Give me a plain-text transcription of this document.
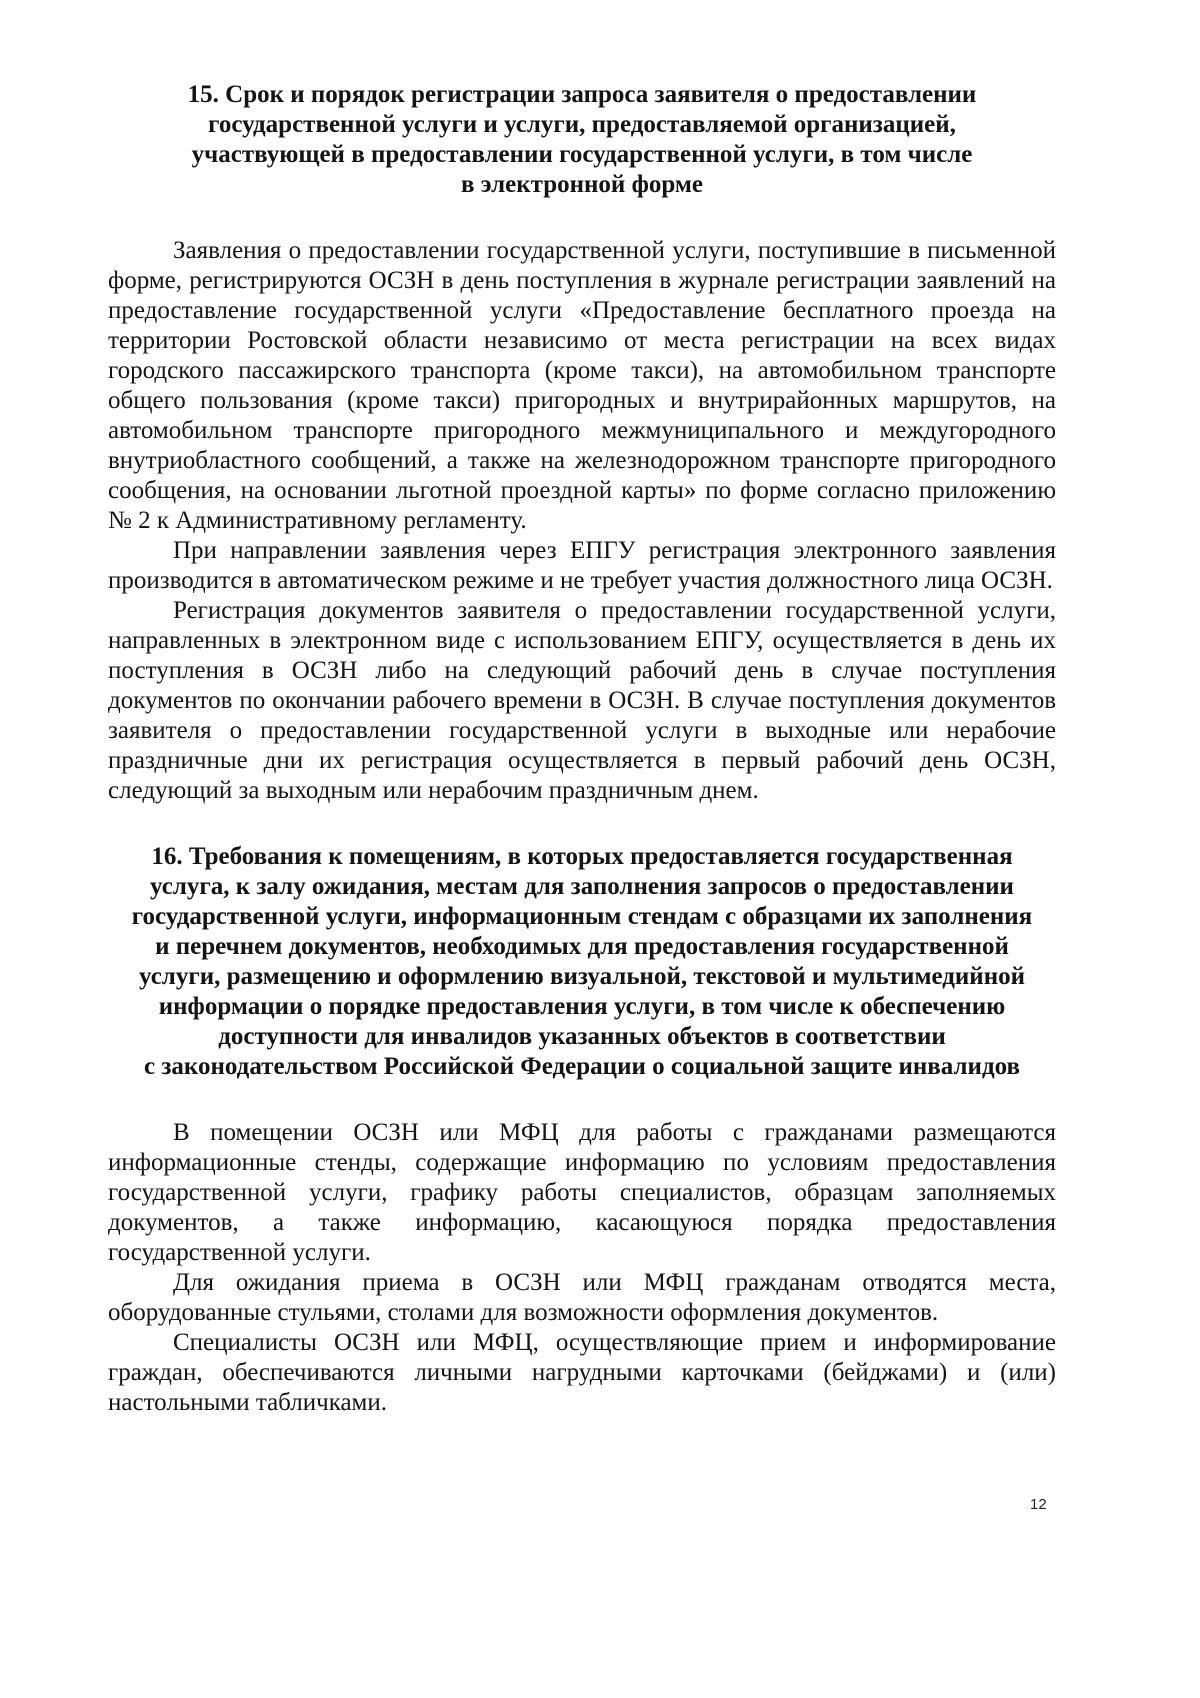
15. Срок и порядок регистрации запроса заявителя о предоставлении
государственной услуги и услуги, предоставляемой организацией,
участвующей в предоставлении государственной услуги, в том числе
в электронной форме

Заявления о предоставлении государственной услуги, поступившие в письменной форме, регистрируются ОСЗН в день поступления в журнале регистрации заявлений на предоставление государственной услуги «Предоставление бесплатного проезда на территории Ростовской области независимо от места регистрации на всех видах городского пассажирского транспорта (кроме такси), на автомобильном транспорте общего пользования (кроме такси) пригородных и внутрирайонных маршрутов, на автомобильном транспорте пригородного межмуниципального и междугородного внутриобластного сообщений, а также на железнодорожном транспорте пригородного сообщения, на основании льготной проездной карты» по форме согласно приложению № 2 к Административному регламенту.

При направлении заявления через ЕПГУ регистрация электронного заявления производится в автоматическом режиме и не требует участия должностного лица ОСЗН.

Регистрация документов заявителя о предоставлении государственной услуги, направленных в электронном виде с использованием ЕПГУ, осуществляется в день их поступления в ОСЗН либо на следующий рабочий день в случае поступления документов по окончании рабочего времени в ОСЗН. В случае поступления документов заявителя о предоставлении государственной услуги в выходные или нерабочие праздничные дни их регистрация осуществляется в первый рабочий день ОСЗН, следующий за выходным или нерабочим праздничным днем.

16. Требования к помещениям, в которых предоставляется государственная
услуга, к залу ожидания, местам для заполнения запросов о предоставлении
государственной услуги, информационным стендам с образцами их заполнения
и перечнем документов, необходимых для предоставления государственной
услуги, размещению и оформлению визуальной, текстовой и мультимедийной
информации о порядке предоставления услуги, в том числе к обеспечению
доступности для инвалидов указанных объектов в соответствии
с законодательством Российской Федерации о социальной защите инвалидов

В помещении ОСЗН или МФЦ для работы с гражданами размещаются информационные стенды, содержащие информацию по условиям предоставления государственной услуги, графику работы специалистов, образцам заполняемых документов, а также информацию, касающуюся порядка предоставления государственной услуги.

Для ожидания приема в ОСЗН или МФЦ гражданам отводятся места, оборудованные стульями, столами для возможности оформления документов.

Специалисты ОСЗН или МФЦ, осуществляющие прием и информирование граждан, обеспечиваются личными нагрудными карточками (бейджами) и (или) настольными табличками.

12
